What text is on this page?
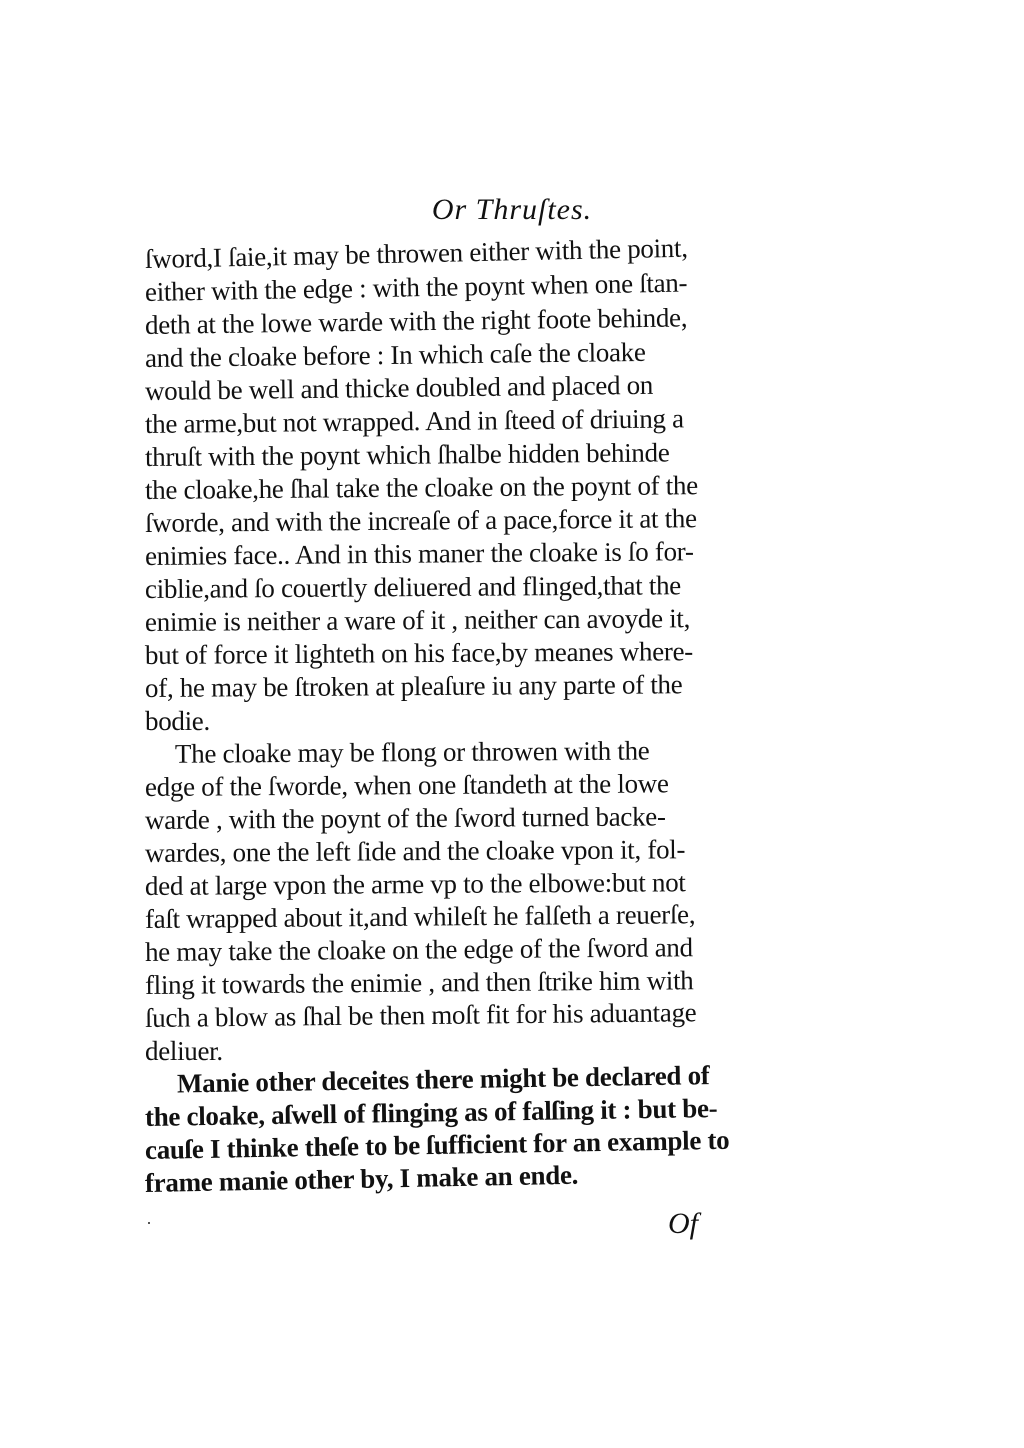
Or Thruſtes.
ſword,I ſaie,it may be throwen either with the point,
either with the edge : with the poynt when one ſtan-
deth at the lowe warde with the right foote behinde,
and the cloake before : In which caſe the cloake
would be well and thicke doubled and placed on
the arme,but not wrapped. And in ſteed of driuing a
thruſt with the poynt which ſhalbe hidden behinde
the cloake,he ſhal take the cloake on the poynt of the
ſworde, and with the increaſe of a pace,force it at the
enimies face.. And in this maner the cloake is ſo for-
ciblie,and ſo couertly deliuered and flinged,that the
enimie is neither a ware of it , neither can avoyde it,
but of force it lighteth on his face,by meanes where-
of, he may be ſtroken at pleaſure iu any parte of the
bodie.
The cloake may be flong or throwen with the
edge of the ſworde, when one ſtandeth at the lowe
warde , with the poynt of the ſword turned backe-
wardes, one the left ſide and the cloake vpon it, fol-
ded at large vpon the arme vp to the elbowe:but not
faſt wrapped about it,and whileſt he falſeth a reuerſe,
he may take the cloake on the edge of the ſword and
fling it towards the enimie , and then ſtrike him with
ſuch a blow as ſhal be then moſt fit for his aduantage
deliuer.
Manie other deceites there might be declared of
the cloake, aſwell of flinging as of falſing it : but be-
cauſe I thinke theſe to be ſufficient for an example to
frame manie other by, I make an ende.
Of
